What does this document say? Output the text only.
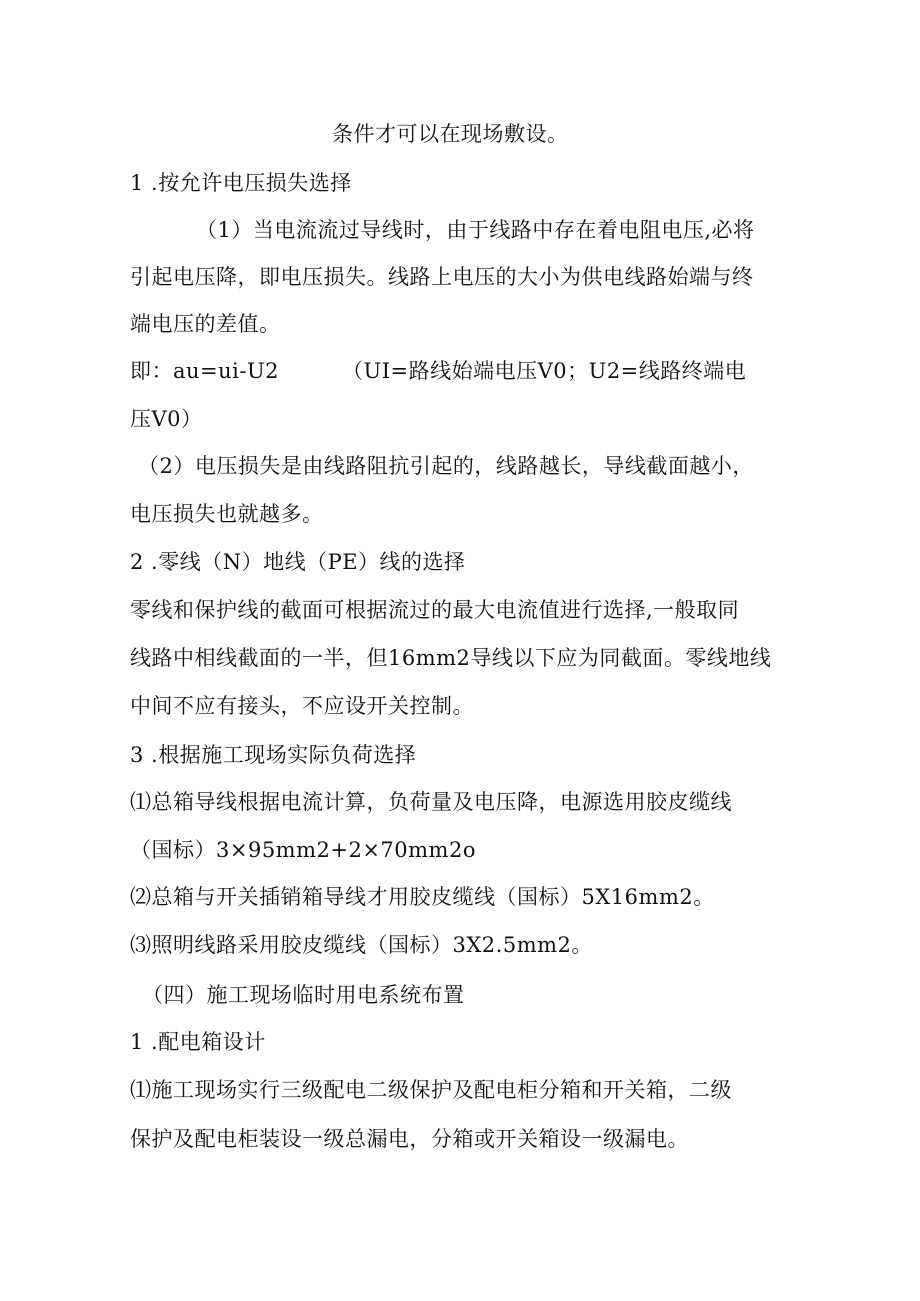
条件才可以在现场敷设。
1 .按允许电压损失选择
（1）当电流流过导线时，由于线路中存在着电阻电压,必将
引起电压降，即电压损失。线路上电压的大小为供电线路始端与终
端电压的差值。
即：au=ui-U2	（UI=路线始端电压V0；U2=线路终端电
压V0）
（2）电压损失是由线路阻抗引起的，线路越长，导线截面越小，
电压损失也就越多。
2 .零线（N）地线（PE）线的选择
零线和保护线的截面可根据流过的最大电流值进行选择,一般取同
线路中相线截面的一半，但16mm2导线以下应为同截面。零线地线
中间不应有接头，不应设开关控制。
3 .根据施工现场实际负荷选择
⑴总箱导线根据电流计算，负荷量及电压降，电源选用胶皮缆线
（国标）3×95mm2+2×70mm2o
⑵总箱与开关插销箱导线才用胶皮缆线（国标）5X16mm2。
⑶照明线路采用胶皮缆线（国标）3X2.5mm2。
（四）施工现场临时用电系统布置
1 .配电箱设计
⑴施工现场实行三级配电二级保护及配电柜分箱和开关箱，二级
保护及配电柜装设一级总漏电，分箱或开关箱设一级漏电。
